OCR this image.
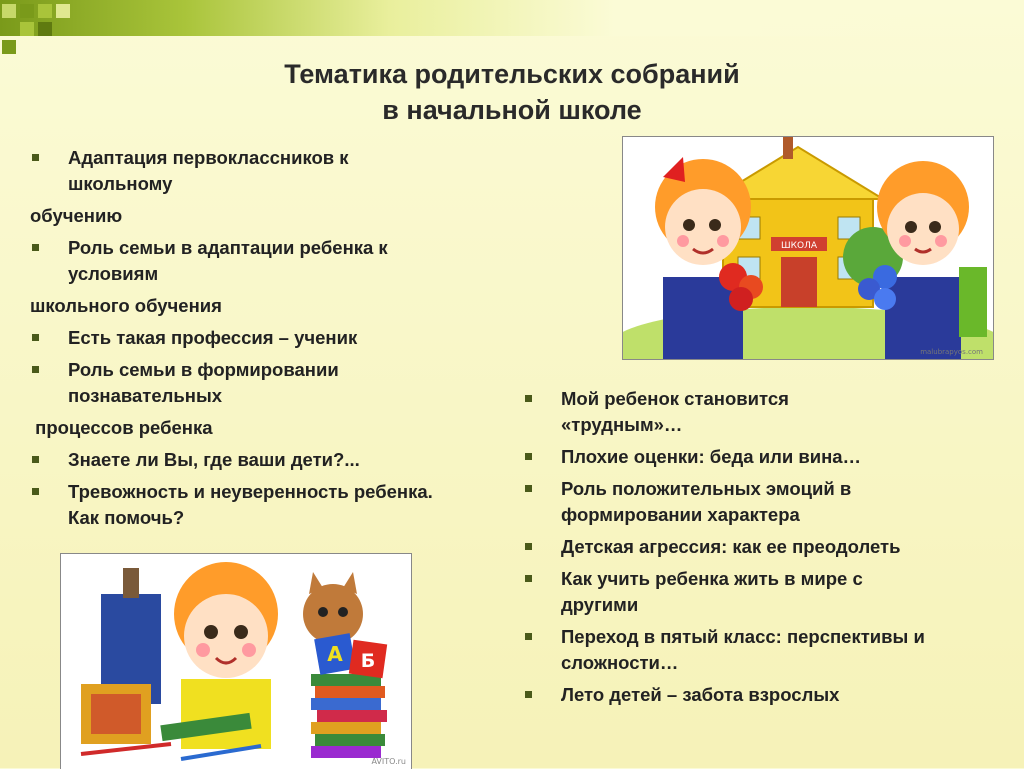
Тематика родительских собраний
в начальной школе
Адаптация первоклассников к школьному
обучению
Роль семьи в адаптации ребенка к условиям
школьного обучения
Есть такая профессия – ученик
Роль семьи в формировании познавательных
процессов ребенка
Знаете ли Вы, где ваши дети?...
Тревожность и неуверенность ребенка. Как помочь?
Мой ребенок становится «трудным»…
Плохие оценки: беда или вина…
Роль положительных эмоций в формировании характера
Детская агрессия: как ее преодолеть
Как учить ребенка жить в мире с другими
Переход в пятый класс: перспективы и сложности…
Лето детей – забота взрослых
ШКОЛА
malubrapyos.com
А Б
AVITO.ru
